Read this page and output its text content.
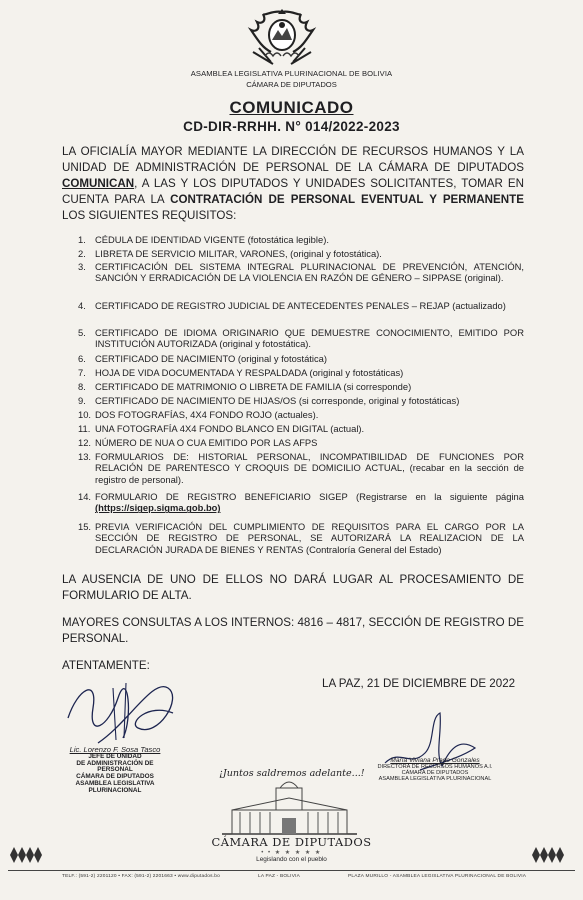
ASAMBLEA LEGISLATIVA PLURINACIONAL DE BOLIVIA
CÁMARA DE DIPUTADOS
COMUNICADO
CD-DIR-RRHH. N° 014/2022-2023
LA OFICIALÍA MAYOR MEDIANTE LA DIRECCIÓN DE RECURSOS HUMANOS Y LA UNIDAD DE ADMINISTRACIÓN DE PERSONAL DE LA CÁMARA DE DIPUTADOS COMUNICAN, A LAS Y LOS DIPUTADOS Y UNIDADES SOLICITANTES, TOMAR EN CUENTA PARA LA CONTRATACIÓN DE PERSONAL EVENTUAL Y PERMANENTE LOS SIGUIENTES REQUISITOS:
1. CÉDULA DE IDENTIDAD VIGENTE (fotostática legible).
2. LIBRETA DE SERVICIO MILITAR, VARONES, (original y fotostática).
3. CERTIFICACIÓN DEL SISTEMA INTEGRAL PLURINACIONAL DE PREVENCIÓN, ATENCIÓN, SANCIÓN Y ERRADICACIÓN DE LA VIOLENCIA EN RAZÓN DE GÉNERO – SIPPASE (original).
4. CERTIFICADO DE REGISTRO JUDICIAL DE ANTECEDENTES PENALES – REJAP (actualizado)
5. CERTIFICADO DE IDIOMA ORIGINARIO QUE DEMUESTRE CONOCIMIENTO, EMITIDO POR INSTITUCIÓN AUTORIZADA (original y fotostática).
6. CERTIFICADO DE NACIMIENTO (original y fotostática)
7. HOJA DE VIDA DOCUMENTADA Y RESPALDADA (original y fotostáticas)
8. CERTIFICADO DE MATRIMONIO O LIBRETA DE FAMILIA (si corresponde)
9. CERTIFICADO DE NACIMIENTO DE HIJAS/OS (si corresponde, original y fotostáticas)
10. DOS FOTOGRAFÍAS, 4X4 FONDO ROJO (actuales).
11. UNA FOTOGRAFÍA 4X4 FONDO BLANCO EN DIGITAL (actual).
12. NÚMERO DE NUA O CUA EMITIDO POR LAS AFPS
13. FORMULARIOS DE: HISTORIAL PERSONAL, INCOMPATIBILIDAD DE FUNCIONES POR RELACIÓN DE PARENTESCO Y CROQUIS DE DOMICILIO ACTUAL, (recabar en la sección de registro de personal).
14. FORMULARIO DE REGISTRO BENEFICIARIO SIGEP (Registrarse en la siguiente página (https://sigep.sigma.gob.bo)
15. PREVIA VERIFICACIÓN DEL CUMPLIMIENTO DE REQUISITOS PARA EL CARGO POR LA SECCIÓN DE REGISTRO DE PERSONAL, SE AUTORIZARÁ LA REALIZACION DE LA DECLARACIÓN JURADA DE BIENES Y RENTAS (Contraloría General del Estado)
LA AUSENCIA DE UNO DE ELLOS NO DARÁ LUGAR AL PROCESAMIENTO DE FORMULARIO DE ALTA.
MAYORES CONSULTAS A LOS INTERNOS: 4816 – 4817, SECCIÓN DE REGISTRO DE PERSONAL.
ATENTAMENTE:
LA PAZ, 21 DE DICIEMBRE DE 2022
Lic. Lorenzo F. Sosa Tasco
JEFE DE UNIDAD
DE ADMINISTRACIÓN DE PERSONAL
CÁMARA DE DIPUTADOS
ASAMBLEA LEGISLATIVA PLURINACIONAL
María Viviana Prado Gonzales
DIRECTORA DE RECURSOS HUMANOS A.I.
CÁMARA DE DIPUTADOS
ASAMBLEA LEGISLATIVA PLURINACIONAL
¡Juntos saldremos adelante...!
CÁMARA DE DIPUTADOS
• • ★ ★ ★ ★ ★
Legislando con el pueblo
TELF.: (591-2) 2201120 • FAX: (591-2) 2201663 • www.diputados.bo	LA PAZ - BOLIVIA	PLAZA MURILLO - ASAMBLEA LEGISLATIVA PLURINACIONAL DE BOLIVIA
